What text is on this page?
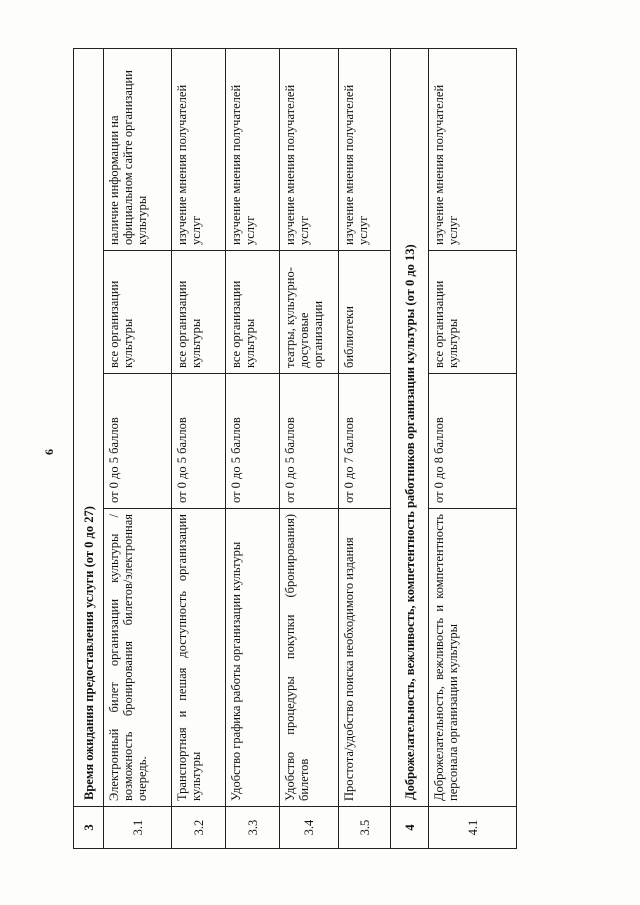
6
3	Время ожидания предоставления услуги (от 0 до 27)			
3.1	Электронный билет организации культуры /возможность бронирования билетов/электронная очередь.	от 0 до 5 баллов	все организации культуры	наличие информации на официальном сайте организации культуры
3.2	Транспортная и пешая доступность организации культуры	от 0 до 5 баллов	все организации культуры	изучение мнения получателей услуг
3.3	Удобство графика работы организации культуры	от 0 до 5 баллов	все организации культуры	изучение мнения получателей услуг
3.4	Удобство процедуры покупки (бронирования) билетов	от 0 до 5 баллов	театры, культурно-досуговые организации	изучение мнения получателей услуг
3.5	Простота/удобство поиска необходимого издания	от 0 до 7 баллов	библиотеки	изучение мнения получателей услуг
4	Доброжелательность, вежливость, компетентность работников организации культуры (от 0 до 13)			
4.1	Доброжелательность, вежливость и компетентность персонала организации культуры	от 0 до 8 баллов	все организации культуры	изучение мнения получателей услуг
